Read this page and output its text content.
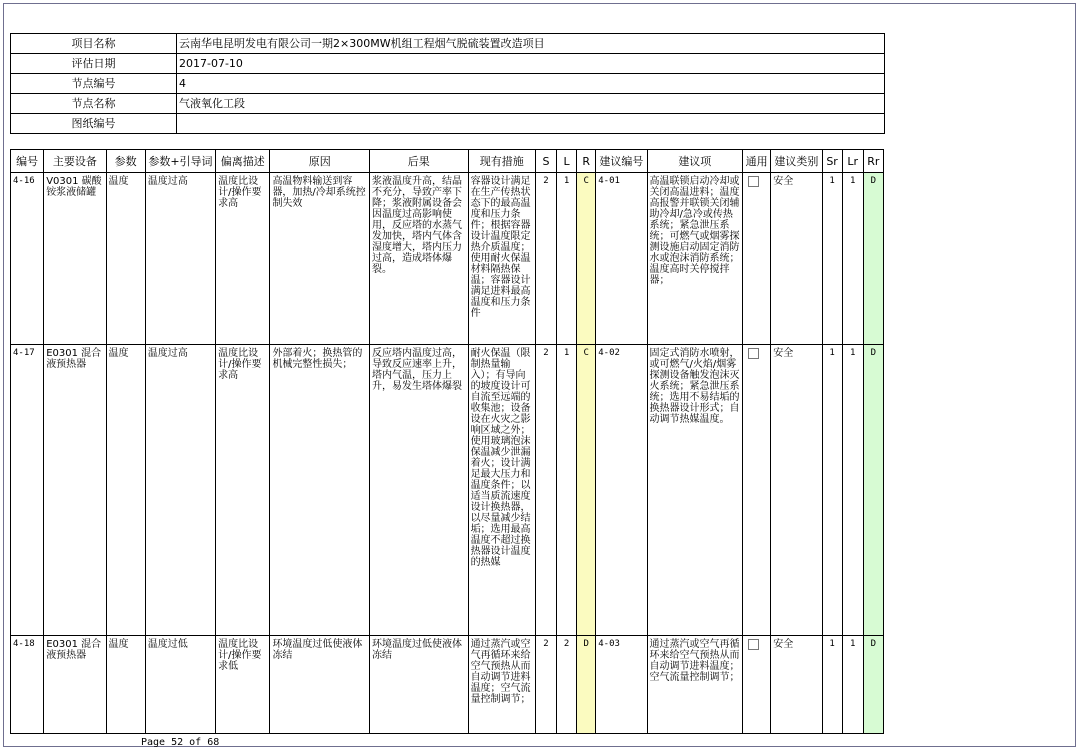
项目名称	云南华电昆明发电有限公司一期2×300MW机组工程烟气脱硫装置改造项目
评估日期	2017-07-10
节点编号	4
节点名称	气液氧化工段
图纸编号	
编号	主要设备	参数	参数+引导词	偏离描述	原因	后果	现有措施	S	L	R	建议编号	建议项	通用	建议类别	Sr	Lr	Rr
4-16	V0301 碳酸铵浆液储罐	温度	温度过高	温度比设计/操作要求高	高温物料输送到容器，加热/冷却系统控制失效	浆液温度升高，结晶不充分，导致产率下降；浆液附属设备会因温度过高影响使用，反应塔的水蒸气发加快，塔内气体含湿度增大，塔内压力过高，造成塔体爆裂。	容器设计满足在生产传热状态下的最高温度和压力条件；根据容器设计温度限定热介质温度；使用耐火保温材料隔热保温；容器设计满足进料最高温度和压力条件	2	1	C	4-01	高温联锁启动冷却或关闭高温进料；温度高报警并联锁关闭辅助冷却/急冷或传热系统；紧急泄压系统；可燃气或烟雾探测设施启动固定消防水或泡沫消防系统；温度高时关停搅拌器；		安全	1	1	D
4-17	E0301 混合液预热器	温度	温度过高	温度比设计/操作要求高	外部着火；换热管的机械完整性损失；	反应塔内温度过高，导致反应速率上升，塔内气温，压力上升，易发生塔体爆裂	耐火保温（限制热量输入）；有导向的坡度设计可自流至远端的收集池；设备设在火灾之影响区域之外；使用玻璃泡沫保温减少泄漏着火；设计满足最大压力和温度条件；以适当质流速度设计换热器，以尽量减少结垢；选用最高温度不超过换热器设计温度的热媒	2	1	C	4-02	固定式消防水喷射，或可燃气/火焰/烟雾探测设备触发泡沫灭火系统；紧急泄压系统；选用不易结垢的换热器设计形式；自动调节热媒温度。		安全	1	1	D
4-18	E0301 混合液预热器	温度	温度过低	温度比设计/操作要求低	环境温度过低使液体冻结	环境温度过低使液体冻结	通过蒸汽或空气再循环来给空气预热从而自动调节进料温度；空气流量控制调节；	2	2	D	4-03	通过蒸汽或空气再循环来给空气预热从而自动调节进料温度；空气流量控制调节；		安全	1	1	D
Page 52 of 68
